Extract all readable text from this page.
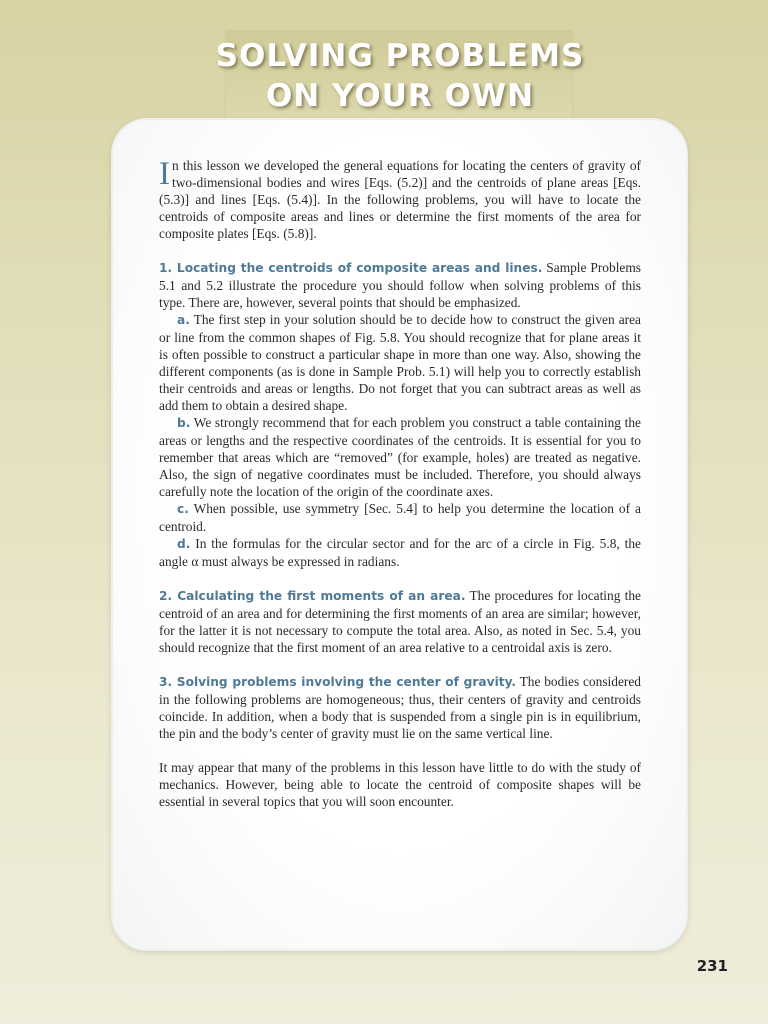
SOLVING PROBLEMS
ON YOUR OWN

In this lesson we developed the general equations for locating the centers of gravity of two-dimensional bodies and wires [Eqs. (5.2)] and the centroids of plane areas [Eqs. (5.3)] and lines [Eqs. (5.4)]. In the following problems, you will have to locate the centroids of composite areas and lines or determine the first moments of the area for composite plates [Eqs. (5.8)].

1. Locating the centroids of composite areas and lines. Sample Problems 5.1 and 5.2 illustrate the procedure you should follow when solving problems of this type. There are, however, several points that should be emphasized.

a. The first step in your solution should be to decide how to construct the given area or line from the common shapes of Fig. 5.8. You should recognize that for plane areas it is often possible to construct a particular shape in more than one way. Also, showing the different components (as is done in Sample Prob. 5.1) will help you to correctly establish their centroids and areas or lengths. Do not forget that you can subtract areas as well as add them to obtain a desired shape.

b. We strongly recommend that for each problem you construct a table containing the areas or lengths and the respective coordinates of the centroids. It is essential for you to remember that areas which are “removed” (for example, holes) are treated as negative. Also, the sign of negative coordinates must be included. Therefore, you should always carefully note the location of the origin of the coordinate axes.

c. When possible, use symmetry [Sec. 5.4] to help you determine the location of a centroid.

d. In the formulas for the circular sector and for the arc of a circle in Fig. 5.8, the angle α must always be expressed in radians.

2. Calculating the first moments of an area. The procedures for locating the centroid of an area and for determining the first moments of an area are similar; however, for the latter it is not necessary to compute the total area. Also, as noted in Sec. 5.4, you should recognize that the first moment of an area relative to a centroidal axis is zero.

3. Solving problems involving the center of gravity. The bodies considered in the following problems are homogeneous; thus, their centers of gravity and centroids coincide. In addition, when a body that is suspended from a single pin is in equilibrium, the pin and the body’s center of gravity must lie on the same vertical line.

It may appear that many of the problems in this lesson have little to do with the study of mechanics. However, being able to locate the centroid of composite shapes will be essential in several topics that you will soon encounter.

231
